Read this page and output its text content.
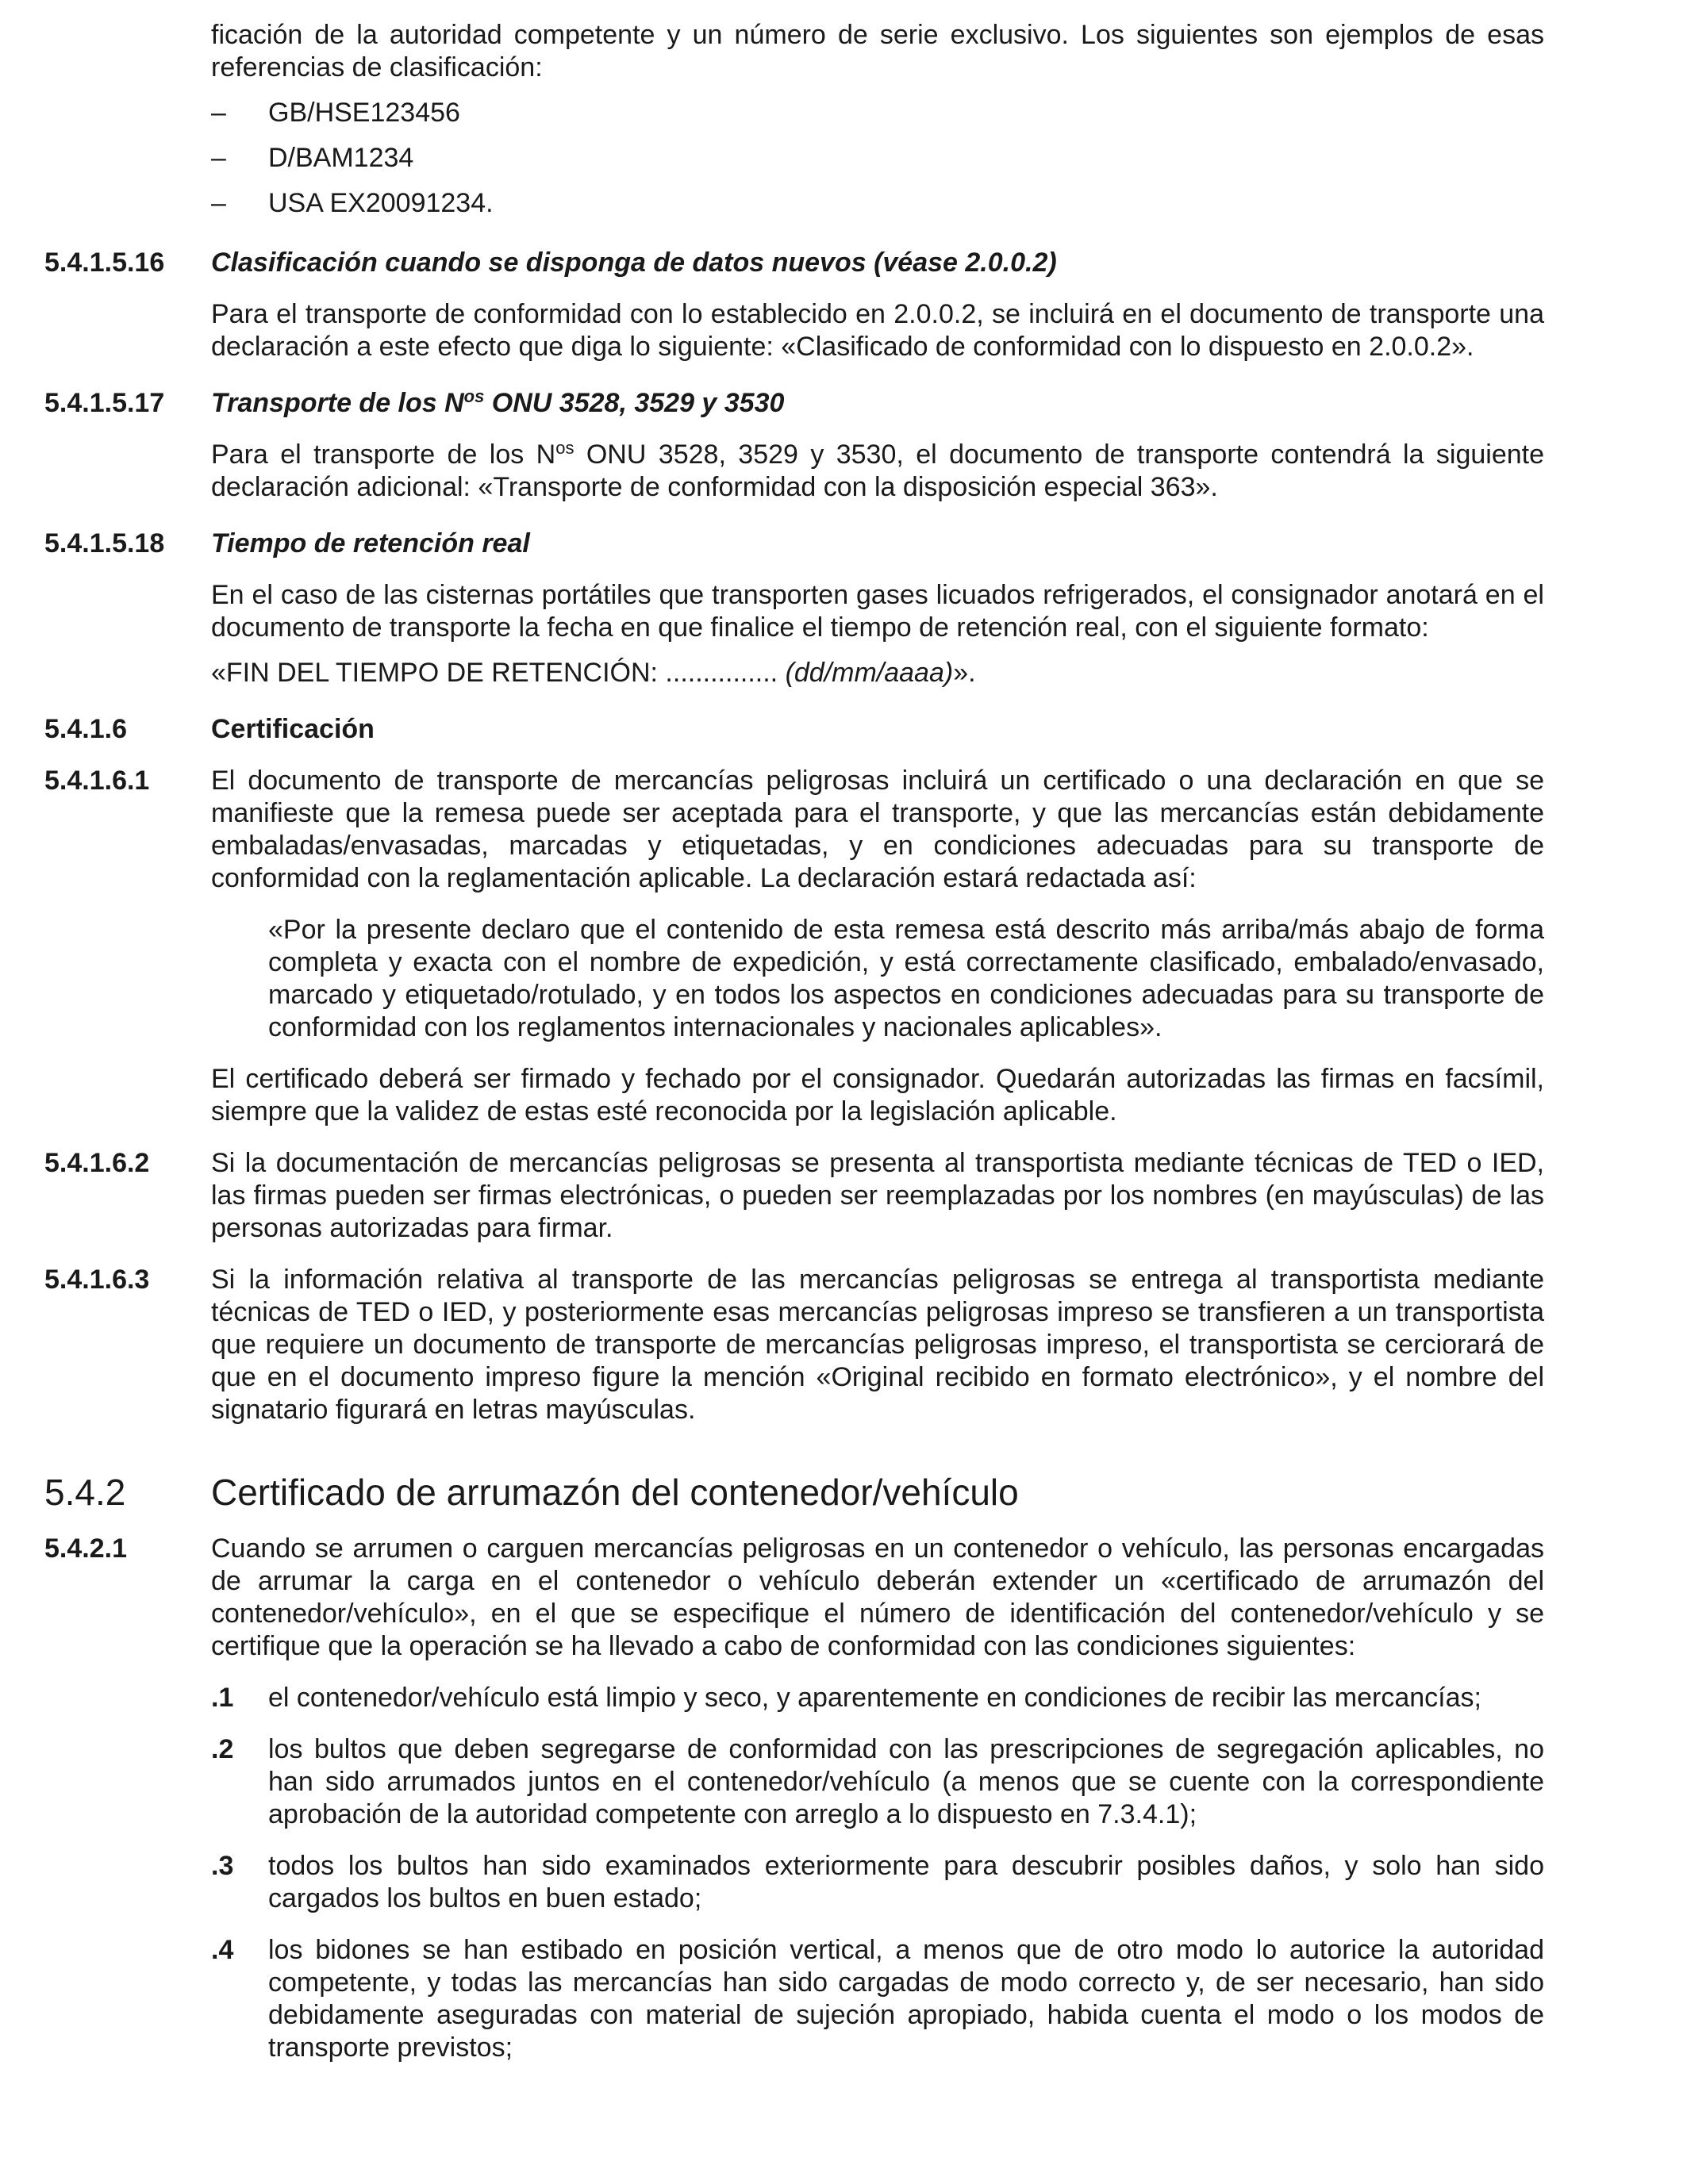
ficación de la autoridad competente y un número de serie exclusivo. Los siguientes son ejemplos de esas referencias de clasificación:

–	GB/HSE123456
–	D/BAM1234
–	USA EX20091234.
5.4.1.5.16	Clasificación cuando se disponga de datos nuevos (véase 2.0.0.2)

Para el transporte de conformidad con lo establecido en 2.0.0.2, se incluirá en el documento de transporte una declaración a este efecto que diga lo siguiente: «Clasificado de conformidad con lo dispuesto en 2.0.0.2».

5.4.1.5.17	Transporte de los $N^{os}$ ONU 3528, 3529 y 3530

Para el transporte de los $N^{os}$ ONU 3528, 3529 y 3530, el documento de transporte contendrá la siguiente declaración adicional: «Transporte de conformidad con la disposición especial 363».

5.4.1.5.18	Tiempo de retención real

En el caso de las cisternas portátiles que transporten gases licuados refrigerados, el consignador anotará en el documento de transporte la fecha en que finalice el tiempo de retención real, con el siguiente formato:

«FIN DEL TIEMPO DE RETENCIÓN: ............... (dd/mm/aaaa)».

5.4.1.6	Certificación
5.4.1.6.1	El documento de transporte de mercancías peligrosas incluirá un certificado o una declaración en que se manifieste que la remesa puede ser aceptada para el transporte, y que las mercancías están debidamente embaladas/envasadas, marcadas y etiquetadas, y en condiciones adecuadas para su transporte de conformidad con la reglamentación aplicable. La declaración estará redactada así:

«Por la presente declaro que el contenido de esta remesa está descrito más arriba/más abajo de forma completa y exacta con el nombre de expedición, y está correctamente clasificado, embalado/envasado, marcado y etiquetado/rotulado, y en todos los aspectos en condiciones adecuadas para su transporte de conformidad con los reglamentos internacionales y nacionales aplicables».

El certificado deberá ser firmado y fechado por el consignador. Quedarán autorizadas las firmas en facsímil, siempre que la validez de estas esté reconocida por la legislación aplicable.

5.4.1.6.2	Si la documentación de mercancías peligrosas se presenta al transportista mediante técnicas de TED o IED, las firmas pueden ser firmas electrónicas, o pueden ser reemplazadas por los nombres (en mayúsculas) de las personas autorizadas para firmar.

5.4.1.6.3	Si la información relativa al transporte de las mercancías peligrosas se entrega al transportista mediante técnicas de TED o IED, y posteriormente esas mercancías peligrosas impreso se transfieren a un transportista que requiere un documento de transporte de mercancías peligrosas impreso, el transportista se cerciorará de que en el documento impreso figure la mención «Original recibido en formato electrónico», y el nombre del signatario figurará en letras mayúsculas.

5.4.2	Certificado de arrumazón del contenedor/vehículo
5.4.2.1	Cuando se arrumen o carguen mercancías peligrosas en un contenedor o vehículo, las personas encargadas de arrumar la carga en el contenedor o vehículo deberán extender un «certificado de arrumazón del contenedor/vehículo», en el que se especifique el número de identificación del contenedor/vehículo y se certifique que la operación se ha llevado a cabo de conformidad con las condiciones siguientes:

.1	el contenedor/vehículo está limpio y seco, y aparentemente en condiciones de recibir las mercancías;
.2	los bultos que deben segregarse de conformidad con las prescripciones de segregación aplicables, no han sido arrumados juntos en el contenedor/vehículo (a menos que se cuente con la correspondiente aprobación de la autoridad competente con arreglo a lo dispuesto en 7.3.4.1);
.3	todos los bultos han sido examinados exteriormente para descubrir posibles daños, y solo han sido cargados los bultos en buen estado;
.4	los bidones se han estibado en posición vertical, a menos que de otro modo lo autorice la autoridad competente, y todas las mercancías han sido cargadas de modo correcto y, de ser necesario, han sido debidamente aseguradas con material de sujeción apropiado, habida cuenta el modo o los modos de transporte previstos;
